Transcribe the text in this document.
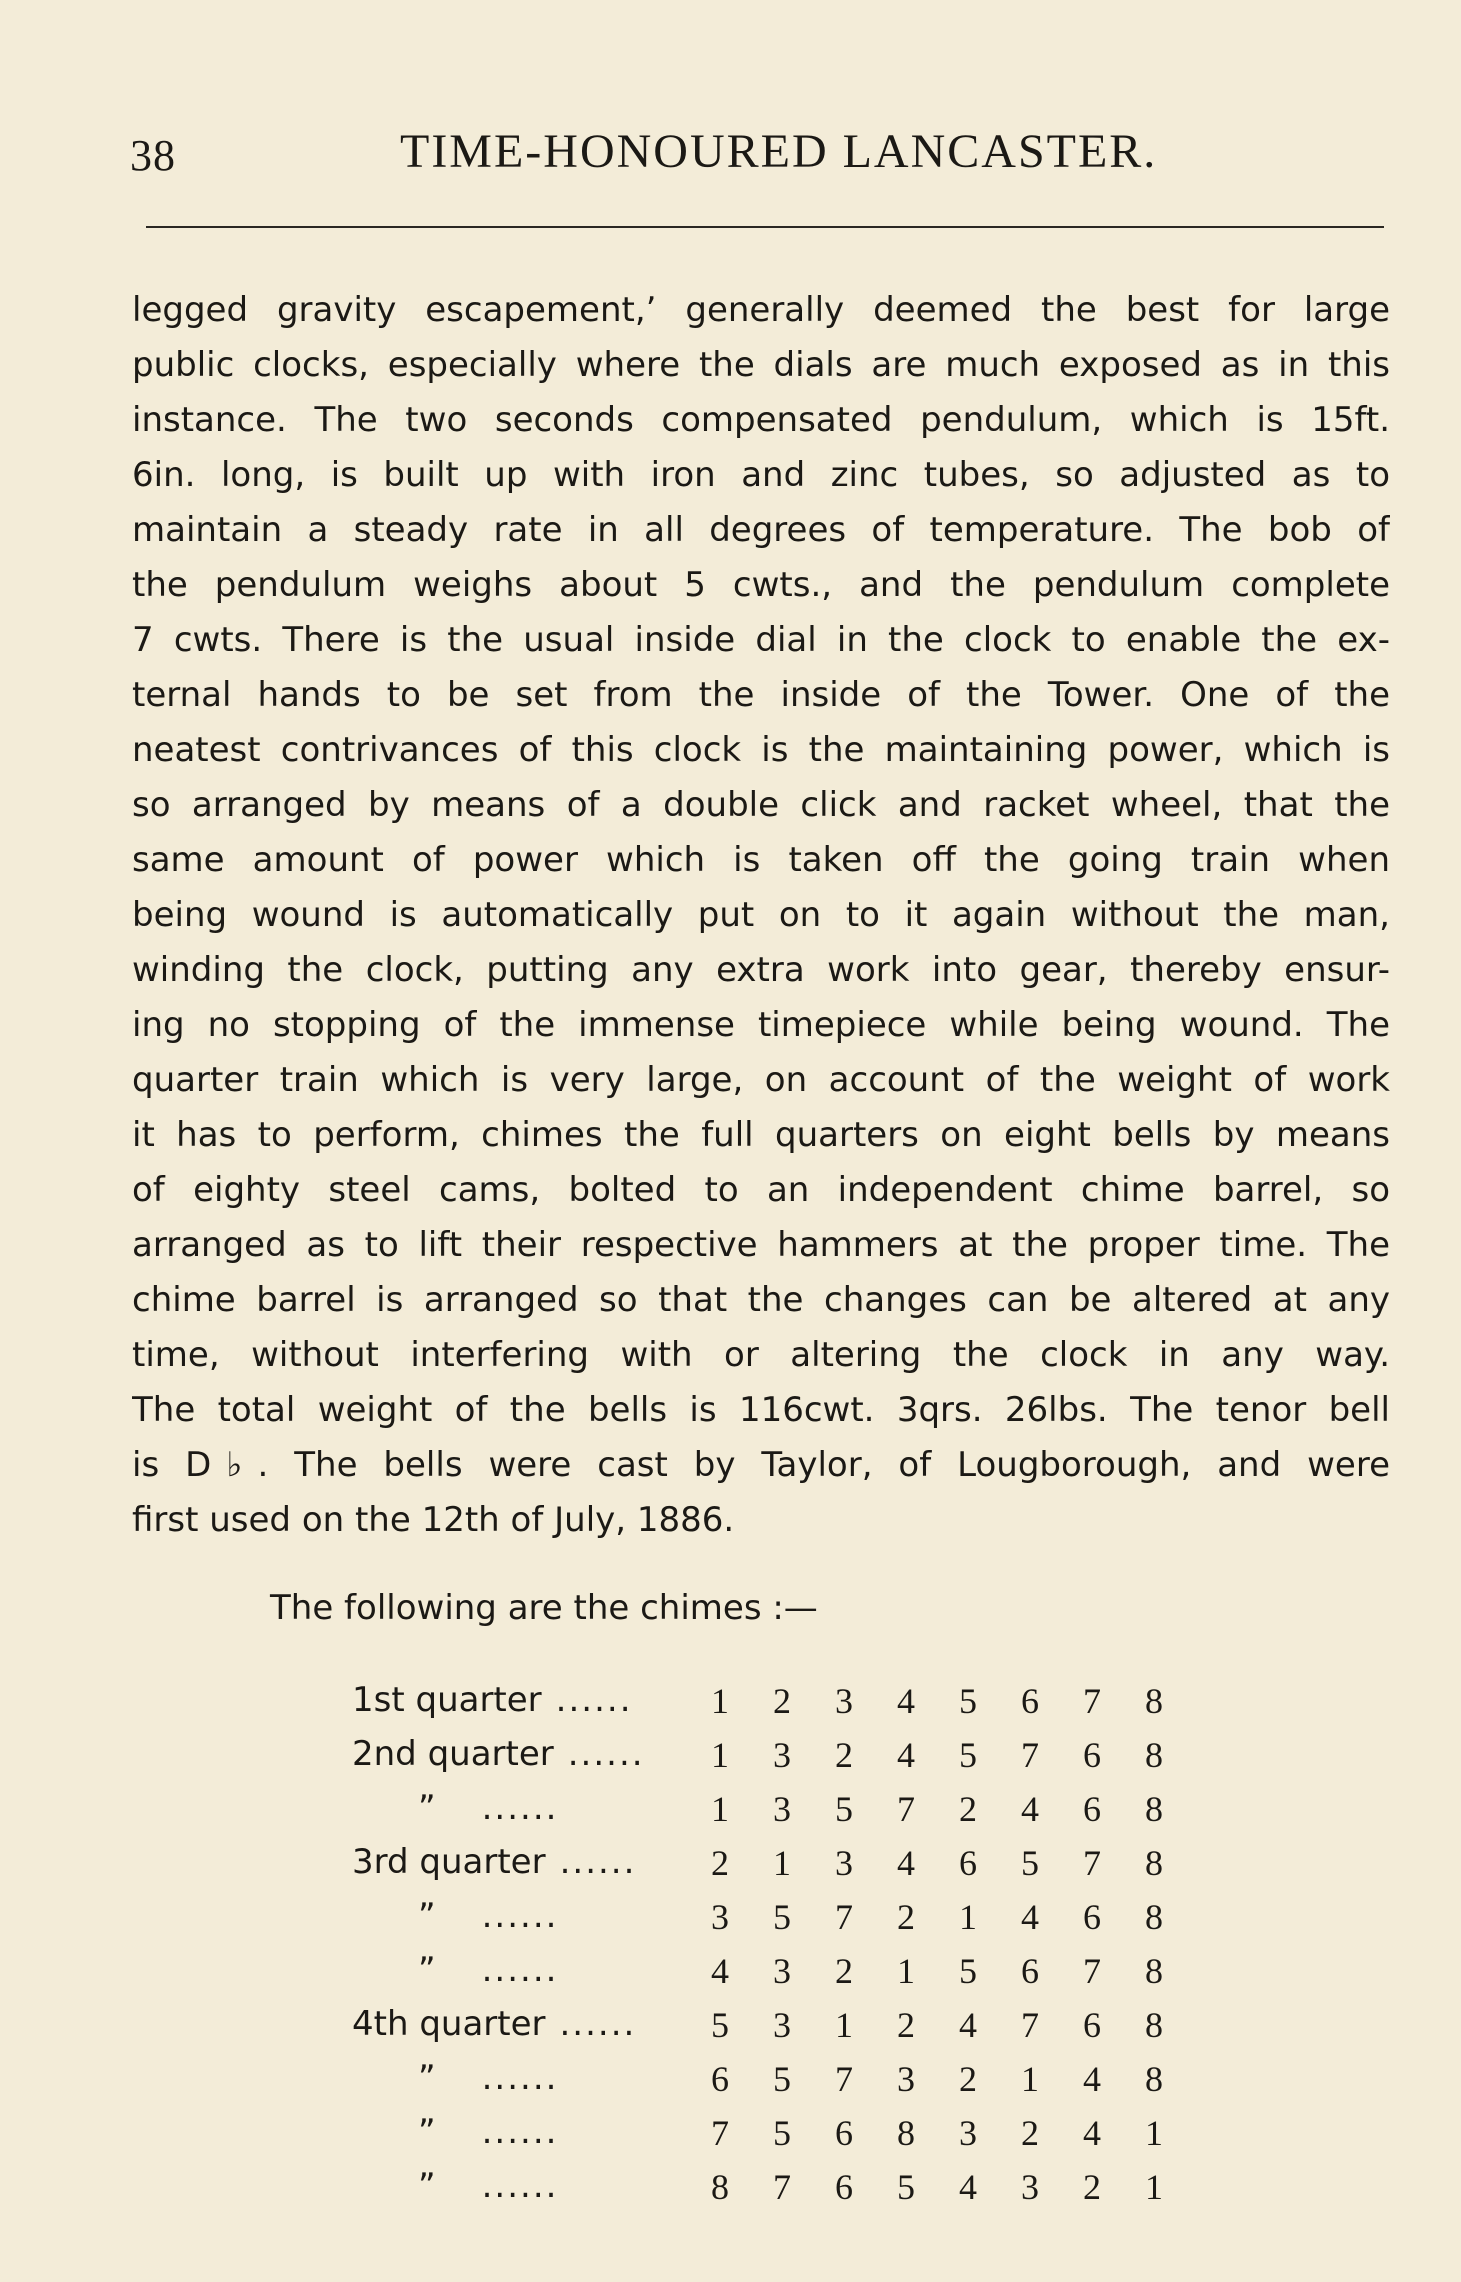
38	TIME-HONOURED LANCASTER.
legged gravity escapement,’ generally deemed the best for large
public clocks, especially where the dials are much exposed as in this
instance. The two seconds compensated pendulum, which is 15ft.
6in. long, is built up with iron and zinc tubes, so adjusted as to
maintain a steady rate in all degrees of temperature. The bob of
the pendulum weighs about 5 cwts., and the pendulum complete
7 cwts. There is the usual inside dial in the clock to enable the ex-
ternal hands to be set from the inside of the Tower. One of the
neatest contrivances of this clock is the maintaining power, which is
so arranged by means of a double click and racket wheel, that the
same amount of power which is taken off the going train when
being wound is automatically put on to it again without the man,
winding the clock, putting any extra work into gear, thereby ensur-
ing no stopping of the immense timepiece while being wound. The
quarter train which is very large, on account of the weight of work
it has to perform, chimes the full quarters on eight bells by means
of eighty steel cams, bolted to an independent chime barrel, so
arranged as to lift their respective hammers at the proper time. The
chime barrel is arranged so that the changes can be altered at any
time, without interfering with or altering the clock in any way.
The total weight of the bells is 116cwt. 3qrs. 26lbs. The tenor bell
is D♭. The bells were cast by Taylor, of Lougborough, and were
first used on the 12th of July, 1886.
The following are the chimes :—
1st quarter ......	1	2	3	4	5	6	7	8
2nd quarter ......	1	3	2	4	5	7	6	8
” ......	1	3	5	7	2	4	6	8
3rd quarter ......	2	1	3	4	6	5	7	8
” ......	3	5	7	2	1	4	6	8
” ......	4	3	2	1	5	6	7	8
4th quarter ......	5	3	1	2	4	7	6	8
” ......	6	5	7	3	2	1	4	8
” ......	7	5	6	8	3	2	4	1
” ......	8	7	6	5	4	3	2	1
